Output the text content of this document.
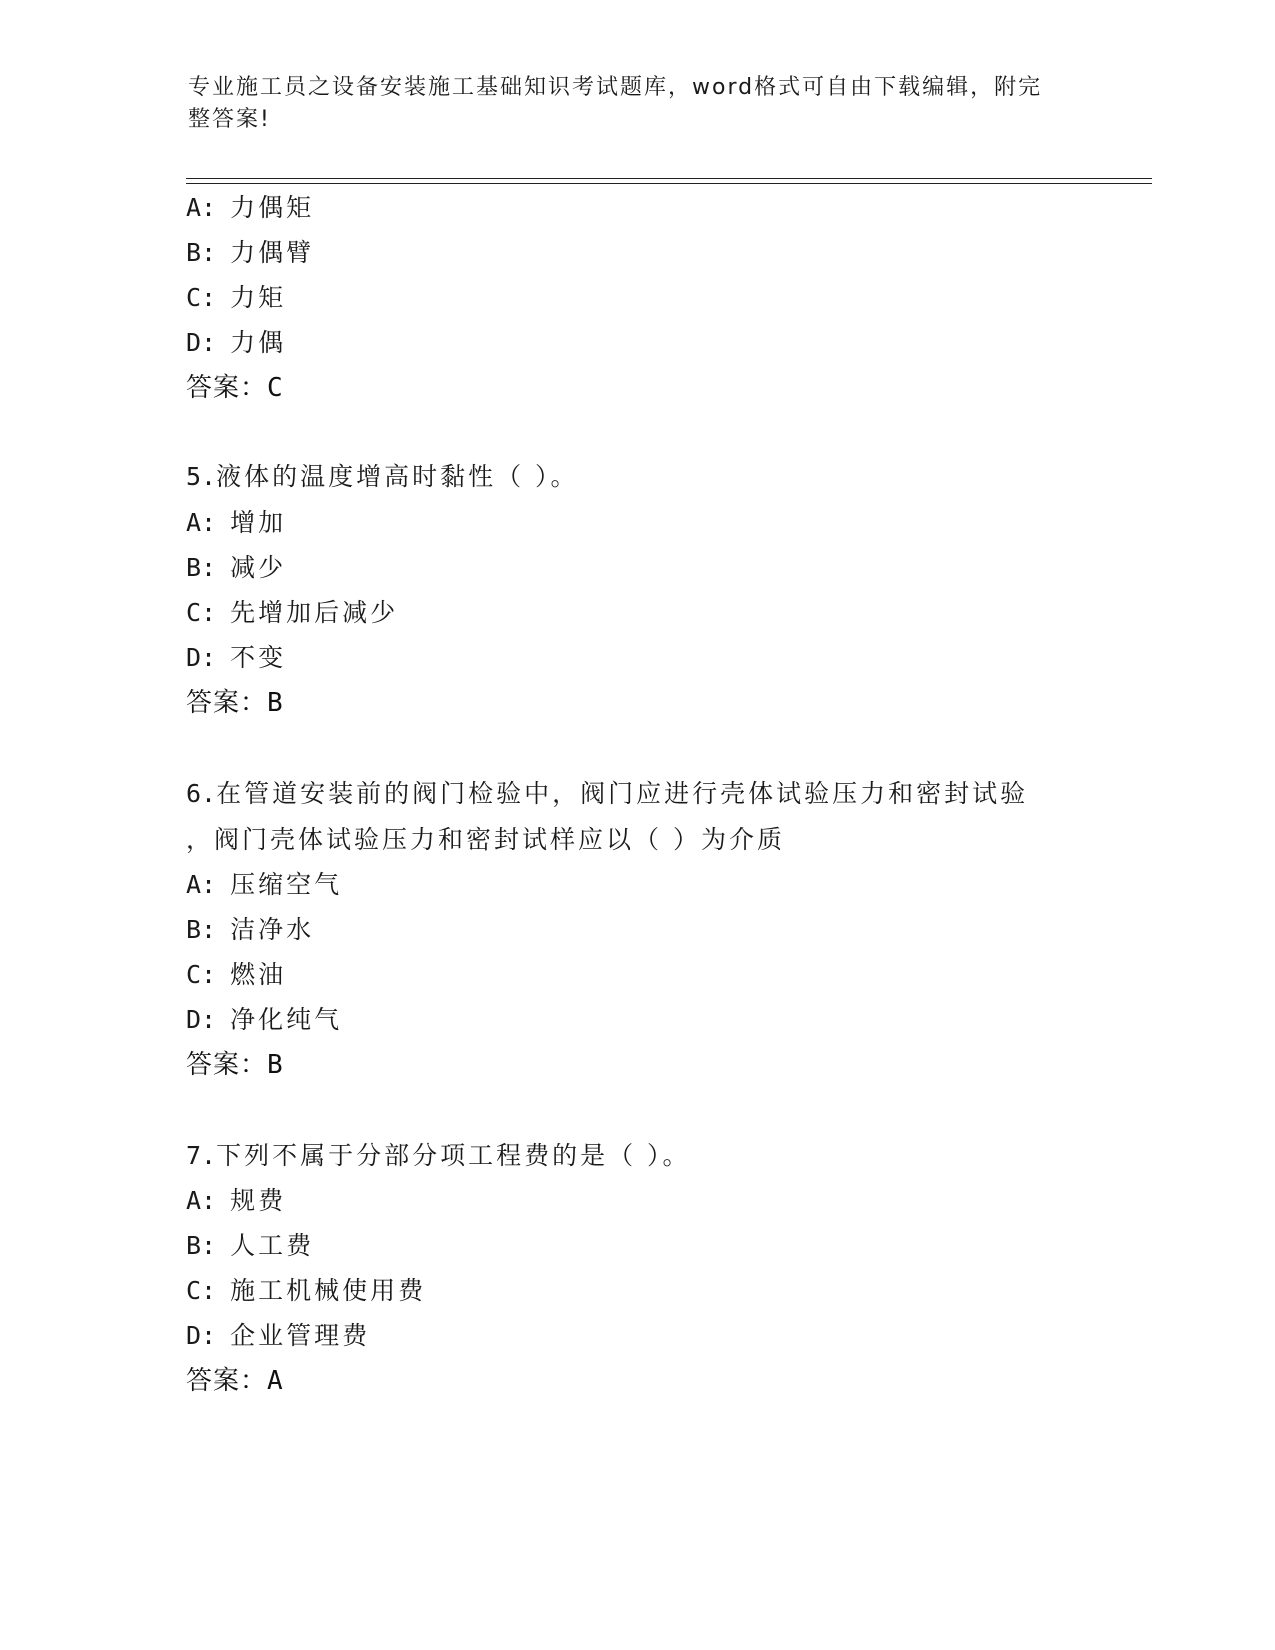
专业施工员之设备安装施工基础知识考试题库，word格式可自由下载编辑，附完
整答案!
A: 力偶矩
B: 力偶臂
C: 力矩
D: 力偶
答案：C
5.液体的温度增高时黏性（ ）。
A: 增加
B: 减少
C: 先增加后减少
D: 不变
答案：B
6.在管道安装前的阀门检验中，阀门应进行壳体试验压力和密封试验
，阀门壳体试验压力和密封试样应以（ ）为介质
A: 压缩空气
B: 洁净水
C: 燃油
D: 净化纯气
答案：B
7.下列不属于分部分项工程费的是（ ）。
A: 规费
B: 人工费
C: 施工机械使用费
D: 企业管理费
答案：A
